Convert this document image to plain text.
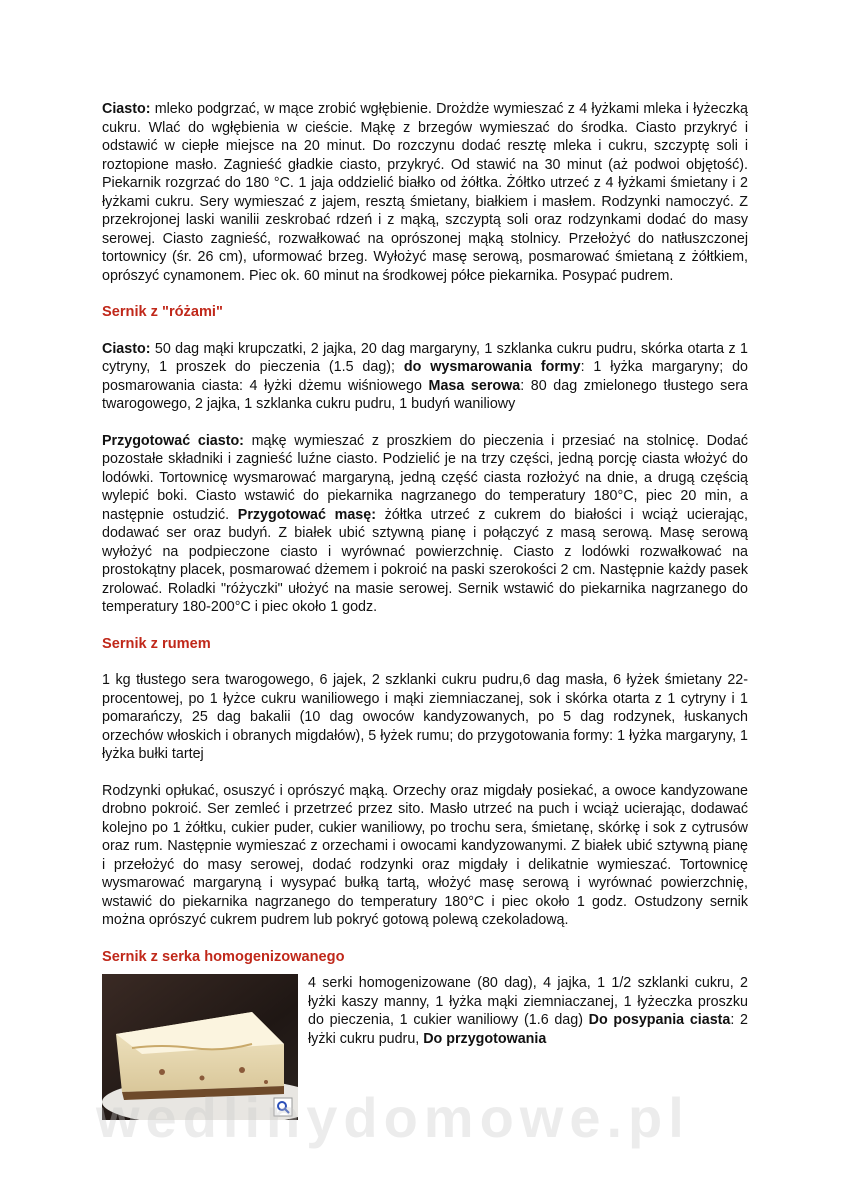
Ciasto: mleko podgrzać, w mące zrobić wgłębienie. Drożdże wymieszać z 4 łyżkami mleka i łyżeczką cukru. Wlać do wgłębienia w cieście. Mąkę z brzegów wymieszać do środka. Ciasto przykryć i odstawić w ciepłe miejsce na 20 minut. Do rozczynu dodać resztę mleka i cukru, szczyptę soli i roztopione masło. Zagnieść gładkie ciasto, przykryć. Od stawić na 30 minut (aż podwoi objętość). Piekarnik rozgrzać do 180 °C. 1 jaja oddzielić białko od żółtka. Żółtko utrzeć z 4 łyżkami śmietany i 2 łyżkami cukru. Sery wymieszać z jajem, resztą śmietany, białkiem i masłem. Rodzynki namoczyć. Z przekrojonej laski wanilii zeskrobać rdzeń i z mąką, szczyptą soli oraz rodzynkami dodać do masy serowej. Ciasto zagnieść, rozwałkować na oprószonej mąką stolnicy. Przełożyć do natłuszczonej tortownicy (śr. 26 cm), uformować brzeg. Wyłożyć masę serową, posmarować śmietaną z żółtkiem, oprószyć cynamonem. Piec ok. 60 minut na środkowej półce piekarnika. Posypać pudrem.

Sernik z "różami"

Ciasto: 50 dag mąki krupczatki, 2 jajka, 20 dag margaryny, 1 szklanka cukru pudru, skórka otarta z 1 cytryny, 1 proszek do pieczenia (1.5 dag); do wysmarowania formy: 1 łyżka margaryny; do posmarowania ciasta: 4 łyżki dżemu wiśniowego Masa serowa: 80 dag zmielonego tłustego sera twarogowego, 2 jajka, 1 szklanka cukru pudru, 1 budyń waniliowy

Przygotować ciasto: mąkę wymieszać z proszkiem do pieczenia i przesiać na stolnicę. Dodać pozostałe składniki i zagnieść luźne ciasto. Podzielić je na trzy części, jedną porcję ciasta włożyć do lodówki. Tortownicę wysmarować margaryną, jedną część ciasta rozłożyć na dnie, a drugą częścią wylepić boki. Ciasto wstawić do piekarnika nagrzanego do temperatury 180°C, piec 20 min, a następnie ostudzić. Przygotować masę: żółtka utrzeć z cukrem do białości i wciąż ucierając, dodawać ser oraz budyń. Z białek ubić sztywną pianę i połączyć z masą serową. Masę serową wyłożyć na podpieczone ciasto i wyrównać powierzchnię. Ciasto z lodówki rozwałkować na prostokątny placek, posmarować dżemem i pokroić na paski szerokości 2 cm. Następnie każdy pasek zrolować. Roladki "różyczki" ułożyć na masie serowej. Sernik wstawić do piekarnika nagrzanego do temperatury 180-200°C i piec około 1 godz.

Sernik z rumem

1 kg tłustego sera twarogowego, 6 jajek, 2 szklanki cukru pudru,6 dag masła, 6 łyżek śmietany 22-procentowej, po 1 łyżce cukru waniliowego i mąki ziemniaczanej, sok i skórka otarta z 1 cytryny i 1 pomarańczy, 25 dag bakalii (10 dag owoców kandyzowanych, po 5 dag rodzynek, łuskanych orzechów włoskich i obranych migdałów), 5 łyżek rumu; do przygotowania formy: 1 łyżka margaryny, 1 łyżka bułki tartej

Rodzynki opłukać, osuszyć i oprószyć mąką. Orzechy oraz migdały posiekać, a owoce kandyzowane drobno pokroić. Ser zemleć i przetrzeć przez sito. Masło utrzeć na puch i wciąż ucierając, dodawać kolejno po 1 żółtku, cukier puder, cukier waniliowy, po trochu sera, śmietanę, skórkę i sok z cytrusów oraz rum. Następnie wymieszać z orzechami i owocami kandyzowanymi. Z białek ubić sztywną pianę i przełożyć do masy serowej, dodać rodzynki oraz migdały i delikatnie wymieszać. Tortownicę wysmarować margaryną i wysypać bułką tartą, włożyć masę serową i wyrównać powierzchnię, wstawić do piekarnika nagrzanego do temperatury 180°C i piec około 1 godz. Ostudzony sernik można oprószyć cukrem pudrem lub pokryć gotową polewą czekoladową.

Sernik z serka homogenizowanego

4 serki homogenizowane (80 dag), 4 jajka, 1 1/2 szklanki cukru, 2 łyżki kaszy manny, 1 łyżka mąki ziemniaczanej, 1 łyżeczka proszku do pieczenia, 1 cukier waniliowy (1.6 dag) Do posypania ciasta: 2 łyżki cukru pudru, Do przygotowania

wedlinydomowe.pl
